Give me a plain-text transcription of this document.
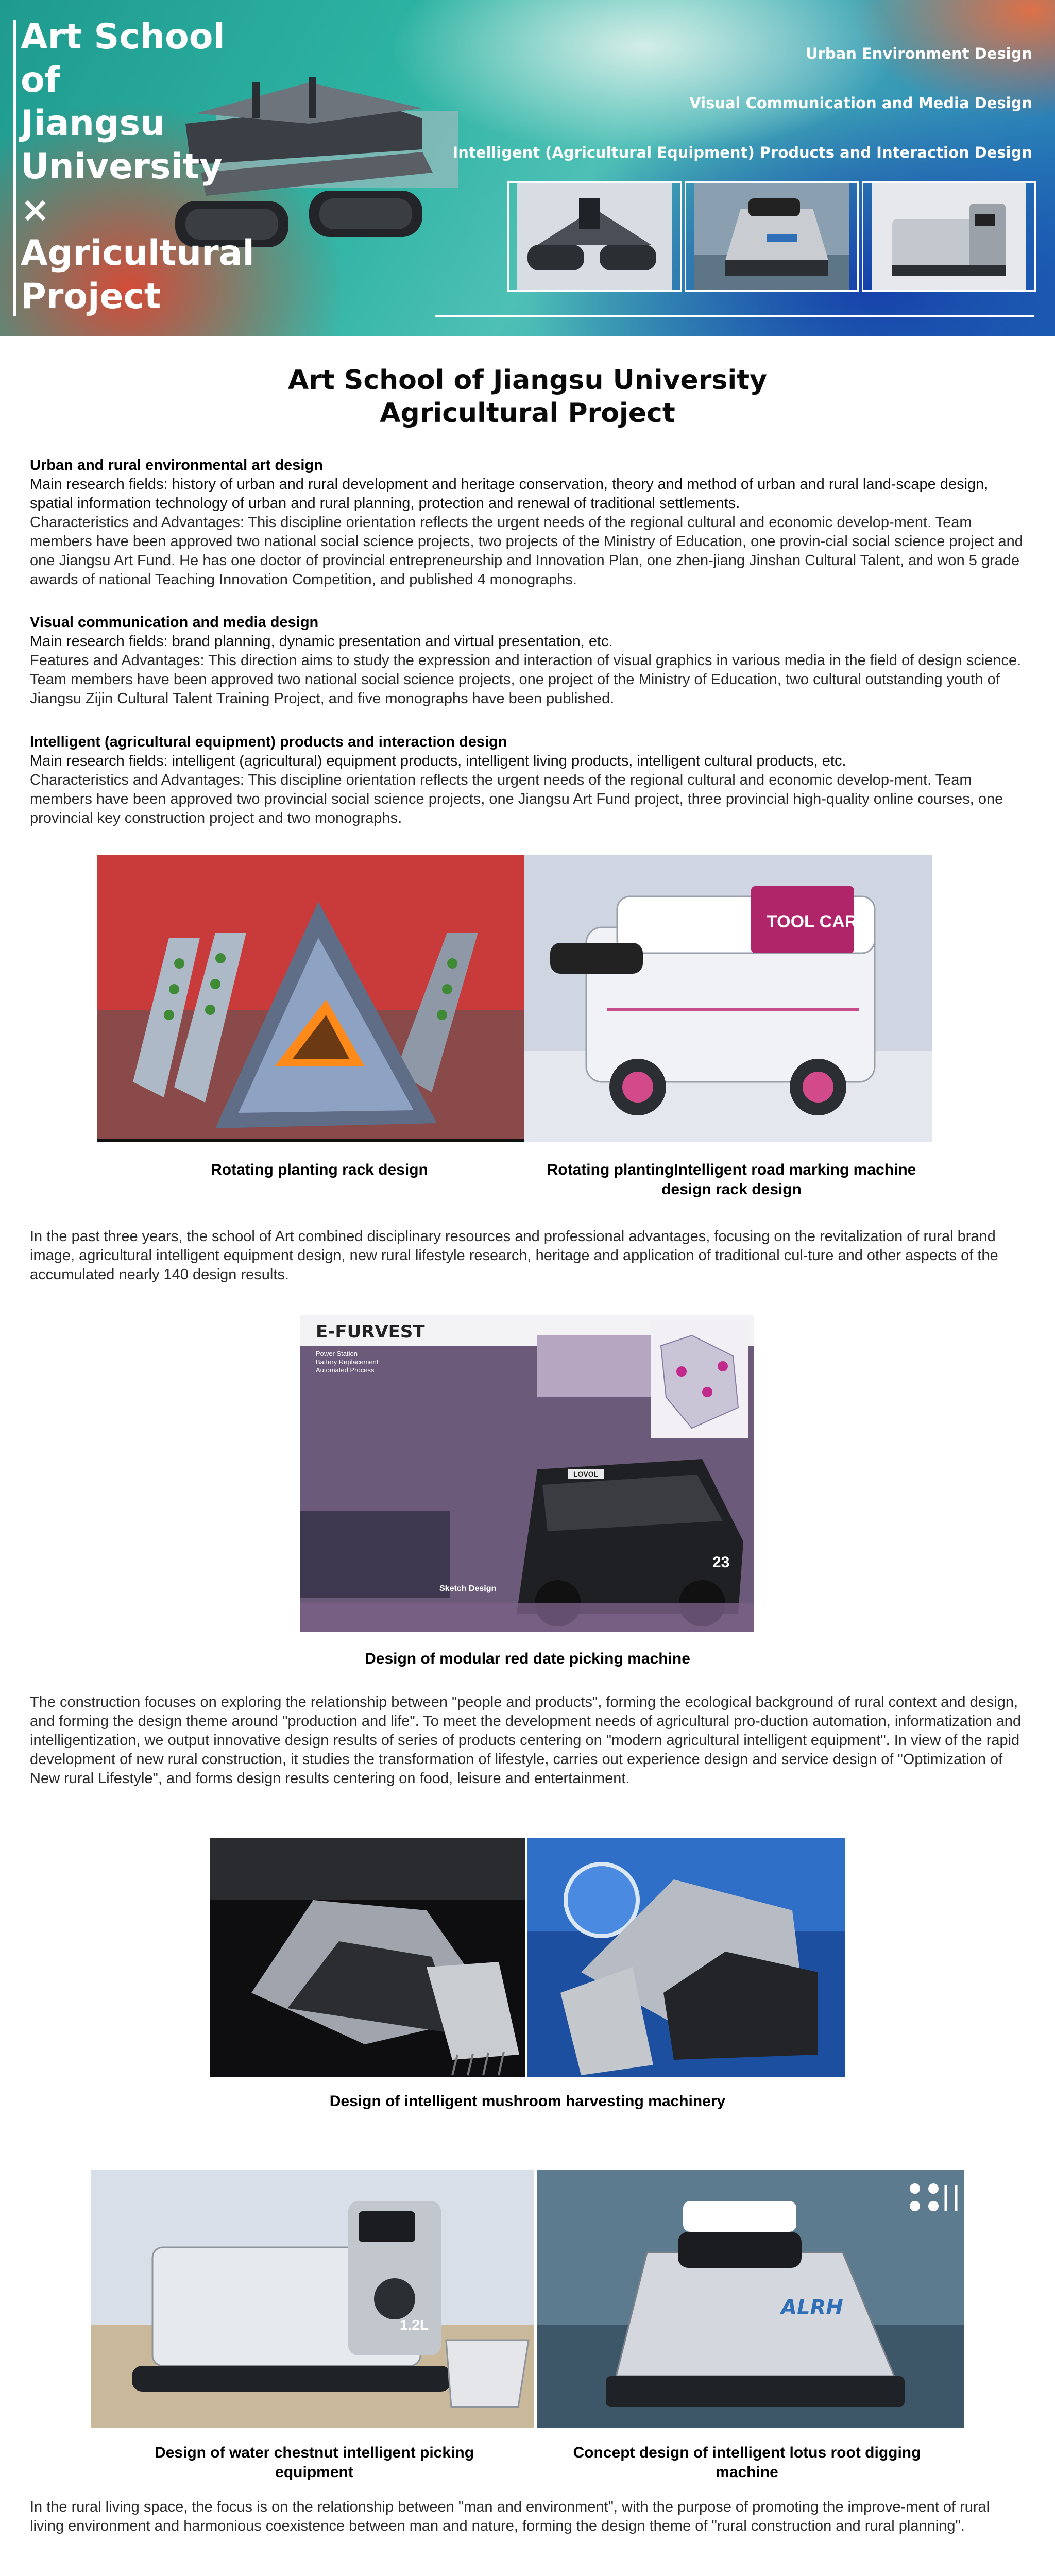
Art School
of
Jiangsu
University
×
Agricultural
Project
Urban Environment Design
Visual Communication and Media Design
Intelligent (Agricultural Equipment) Products and Interaction Design
Art School of Jiangsu University
Agricultural Project
Urban and rural environmental art design
Main research fields: history of urban and rural development and heritage conservation, theory and method of urban and rural land-scape design, spatial information technology of urban and rural planning, protection and renewal of traditional settlements.
Characteristics and Advantages: This discipline orientation reflects the urgent needs of the regional cultural and economic develop-ment. Team members have been approved two national social science projects, two projects of the Ministry of Education, one provin-cial social science project and one Jiangsu Art Fund. He has one doctor of provincial entrepreneurship and Innovation Plan, one zhen-jiang Jinshan Cultural Talent, and won 5 grade awards of national Teaching Innovation Competition, and published 4 monographs.
Visual communication and media design
Main research fields: brand planning, dynamic presentation and virtual presentation, etc.
Features and Advantages: This direction aims to study the expression and interaction of visual graphics in various media in the field of design science. Team members have been approved two national social science projects, one project of the Ministry of Education, two cultural outstanding youth of Jiangsu Zijin Cultural Talent Training Project, and five monographs have been published.
Intelligent (agricultural equipment) products and interaction design
Main research fields: intelligent (agricultural) equipment products, intelligent living products, intelligent cultural products, etc.
Characteristics and Advantages: This discipline orientation reflects the urgent needs of the regional cultural and economic develop-ment. Team members have been approved two provincial social science projects, one Jiangsu Art Fund project, three provincial high-quality online courses, one provincial key construction project and two monographs.
TOOL CAR
Rotating planting rack design	Rotating plantingIntelligent road marking machine design rack design
In the past three years, the school of Art combined disciplinary resources and professional advantages, focusing on the revitalization of rural brand image, agricultural intelligent equipment design, new rural lifestyle research, heritage and application of traditional cul-ture and other aspects of the accumulated nearly 140 design results.
E-FURVEST
Power Station
Battery Replacement
Automated Process
Sketch Design
LOVOL
23
Design of modular red date picking machine
The construction focuses on exploring the relationship between "people and products", forming the ecological background of rural context and design, and forming the design theme around "production and life". To meet the development needs of agricultural pro-duction automation, informatization and intelligentization, we output innovative design results of series of products centering on "modern agricultural intelligent equipment". In view of the rapid development of new rural construction, it studies the transformation of lifestyle, carries out experience design and service design of "Optimization of New rural Lifestyle", and forms design results centering on food, leisure and entertainment.
Design of intelligent mushroom harvesting machinery
1.2L
ALRH
Design of water chestnut intelligent picking equipment
Concept design of intelligent lotus root digging machine
In the rural living space, the focus is on the relationship between "man and environment", with the purpose of promoting the improve-ment of rural living environment and harmonious coexistence between man and nature, forming the design theme of "rural construction and rural planning".
